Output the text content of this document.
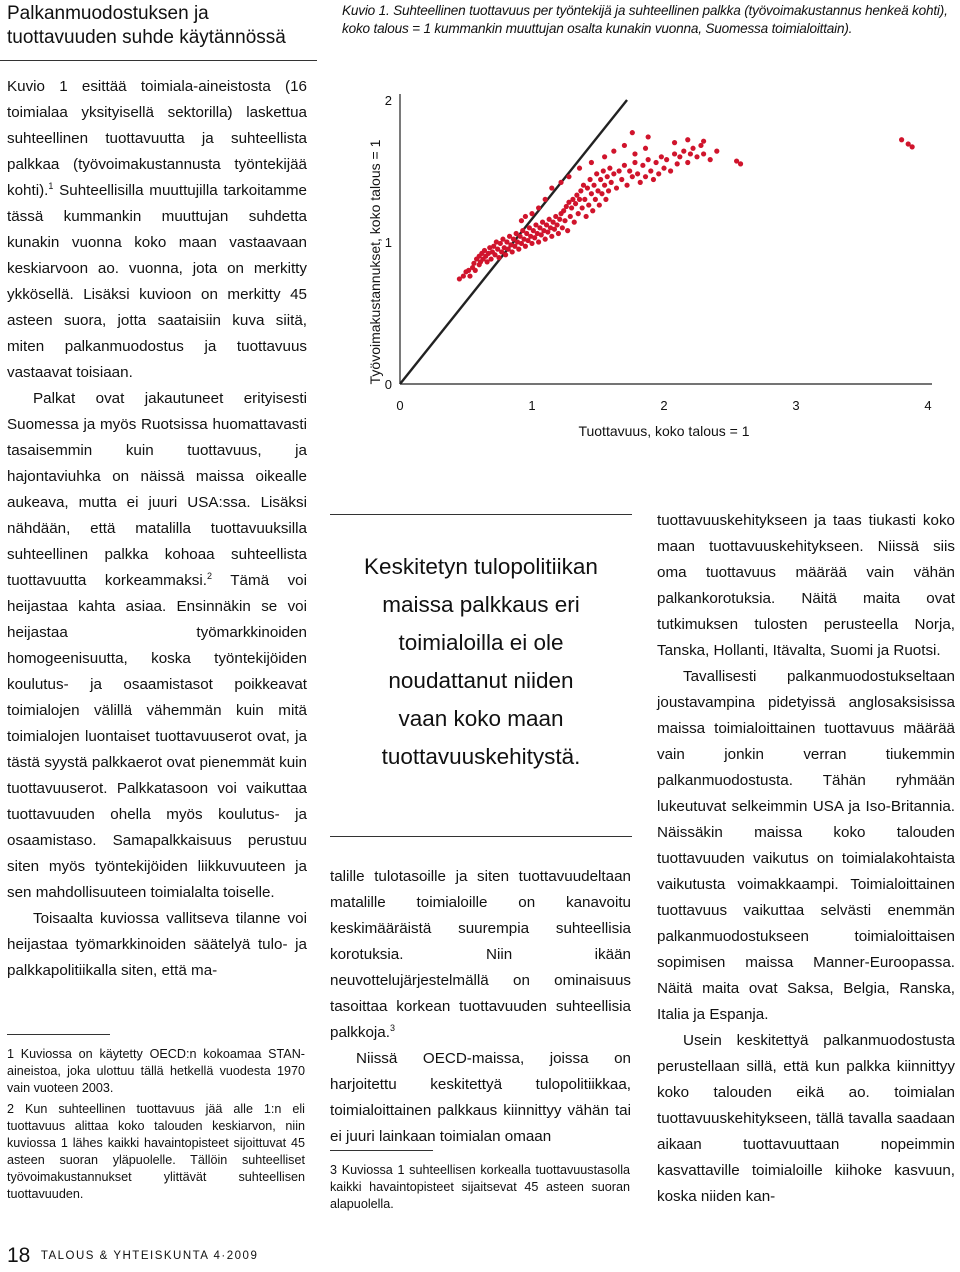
Palkanmuodostuksen ja
tuottavuuden suhde käytännössä

Kuvio 1 esittää toimiala-aineistosta (16 toimialaa yksityisellä sektorilla) laskettua suhteellinen tuottavuutta ja suhteellista palkkaa (työvoimakustannusta työntekijää kohti).$^1$ Suhteellisilla muuttujilla tarkoitamme tässä kummankin muuttujan suhdetta kunakin vuonna koko maan vastaavaan keskiarvoon ao. vuonna, jota on merkitty ykkösellä. Lisäksi kuvioon on merkitty 45 asteen suora, jotta saataisiin kuva siitä, miten palkanmuodostus ja tuottavuus vastaavat toisiaan.

Palkat ovat jakautuneet erityisesti Suomessa ja myös Ruotsissa huomattavasti tasaisemmin kuin tuottavuus, ja hajontaviuhka on näissä maissa oikealle aukeava, mutta ei juuri USA:ssa. Lisäksi nähdään, että matalilla tuottavuuksilla suhteellinen palkka kohoaa suhteellista tuottavuutta korkeammaksi.$^2$ Tämä voi heijastaa kahta asiaa. Ensinnäkin se voi heijastaa työmarkkinoiden homogeenisuutta, koska työntekijöiden koulutus- ja osaamistasot poikkeavat toimialojen välillä vähemmän kuin mitä toimialojen luontaiset tuottavuuserot ovat, ja tästä syystä palkkaerot ovat pienemmät kuin tuottavuuserot. Palkkatasoon voi vaikuttaa tuottavuuden ohella myös koulutus- ja osaamistaso. Samapalkkaisuus perustuu siten myös työntekijöiden liikkuvuuteen ja sen mahdollisuuteen toimialalta toiselle.

Toisaalta kuviossa vallitseva tilanne voi heijastaa työmarkkinoiden säätelyä tulo- ja palkkapolitiikalla siten, että ma-

1 Kuviossa on käytetty OECD:n kokoamaa STAN-aineistoa, joka ulottuu tällä hetkellä vuodesta 1970 vain vuoteen 2003.

2 Kun suhteellinen tuottavuus jää alle 1:n eli tuottavuus alittaa koko talouden keskiarvon, niin kuviossa 1 lähes kaikki havaintopisteet sijoittuvat 45 asteen suoran yläpuolelle. Tällöin suhteelliset työvoimakustannukset ylittävät suhteellisen tuottavuuden.

Kuvio 1. Suhteellinen tuottavuus per työntekijä ja suhteellinen palkka (työvoimakustannus henkeä kohti), koko talous = 1 kummankin muuttujan osalta kunakin vuonna, Suomessa toimialoittain).
0
1
2
0	1	2	3	4
Tuottavuus, koko talous = 1
Työvoimakustannukset, koko talous = 1
Keskitetyn tulopolitiikan
maissa palkkaus eri
toimialoilla ei ole
noudattanut niiden
vaan koko maan
tuottavuuskehitystä.

talille tulotasoille ja siten tuottavuudeltaan matalille toimialoille on kanavoitu keskimääräistä suurempia suhteellisia korotuksia. Niin ikään neuvottelujärjestelmällä on ominaisuus tasoittaa korkean tuottavuuden suhteellisia palkkoja.$^3$

Niissä OECD-maissa, joissa on harjoitettu keskitettyä tulopolitiikkaa, toimialoittainen palkkaus kiinnittyy vähän tai ei juuri lainkaan toimialan omaan

3 Kuviossa 1 suhteellisen korkealla tuottavuustasolla kaikki havaintopisteet sijaitsevat 45 asteen suoran alapuolella.

tuottavuuskehitykseen ja taas tiukasti koko maan tuottavuuskehitykseen. Niissä siis oma tuottavuus määrää vain vähän palkankorotuksia. Näitä maita ovat tutkimuksen tulosten perusteella Norja, Tanska, Hollanti, Itävalta, Suomi ja Ruotsi.

Tavallisesti palkanmuodostukseltaan joustavampina pidetyissä anglosaksisissa maissa toimialoittainen tuottavuus määrää vain jonkin verran tiukemmin palkanmuodostusta. Tähän ryhmään lukeutuvat selkeimmin USA ja Iso-Britannia. Näissäkin maissa koko talouden tuottavuuden vaikutus on toimialakohtaista vaikutusta voimakkaampi. Toimialoittainen tuottavuus vaikuttaa selvästi enemmän palkanmuodostukseen toimialoittaisen sopimisen maissa Manner-Euroopassa. Näitä maita ovat Saksa, Belgia, Ranska, Italia ja Espanja.

Usein keskitettyä palkanmuodostusta perustellaan sillä, että kun palkka kiinnittyy koko talouden eikä ao. toimialan tuottavuuskehitykseen, tällä tavalla saadaan aikaan tuottavuuttaan nopeimmin kasvattaville toimialoille kiihoke kasvuun, koska niiden kan-

18 TALOUS & YHTEISKUNTA 4·2009
